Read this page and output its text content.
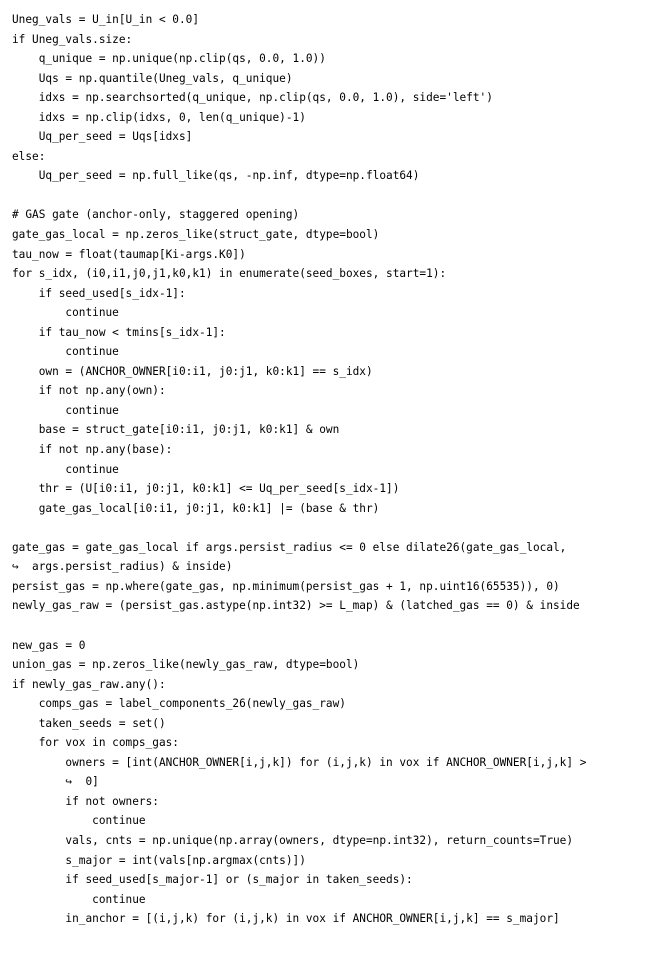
Uneg_vals = U_in[U_in < 0.0]
if Uneg_vals.size:
q_unique = np.unique(np.clip(qs, 0.0, 1.0))
Uqs = np.quantile(Uneg_vals, q_unique)
idxs = np.searchsorted(q_unique, np.clip(qs, 0.0, 1.0), side='left')
idxs = np.clip(idxs, 0, len(q_unique)-1)
Uq_per_seed = Uqs[idxs]
else:
Uq_per_seed = np.full_like(qs, -np.inf, dtype=np.float64)
# GAS gate (anchor-only, staggered opening)
gate_gas_local = np.zeros_like(struct_gate, dtype=bool)
tau_now = float(taumap[Ki-args.K0])
for s_idx, (i0,i1,j0,j1,k0,k1) in enumerate(seed_boxes, start=1):
if seed_used[s_idx-1]:
continue
if tau_now < tmins[s_idx-1]:
continue
own = (ANCHOR_OWNER[i0:i1, j0:j1, k0:k1] == s_idx)
if not np.any(own):
continue
base = struct_gate[i0:i1, j0:j1, k0:k1] & own
if not np.any(base):
continue
thr = (U[i0:i1, j0:j1, k0:k1] <= Uq_per_seed[s_idx-1])
gate_gas_local[i0:i1, j0:j1, k0:k1] |= (base & thr)
gate_gas = gate_gas_local if args.persist_radius <= 0 else dilate26(gate_gas_local,
↪  args.persist_radius) & inside)
persist_gas = np.where(gate_gas, np.minimum(persist_gas + 1, np.uint16(65535)), 0)
newly_gas_raw = (persist_gas.astype(np.int32) >= L_map) & (latched_gas == 0) & inside
new_gas = 0
union_gas = np.zeros_like(newly_gas_raw, dtype=bool)
if newly_gas_raw.any():
comps_gas = label_components_26(newly_gas_raw)
taken_seeds = set()
for vox in comps_gas:
owners = [int(ANCHOR_OWNER[i,j,k]) for (i,j,k) in vox if ANCHOR_OWNER[i,j,k] >
↪  0]
if not owners:
continue
vals, cnts = np.unique(np.array(owners, dtype=np.int32), return_counts=True)
s_major = int(vals[np.argmax(cnts)])
if seed_used[s_major-1] or (s_major in taken_seeds):
continue
in_anchor = [(i,j,k) for (i,j,k) in vox if ANCHOR_OWNER[i,j,k] == s_major]
